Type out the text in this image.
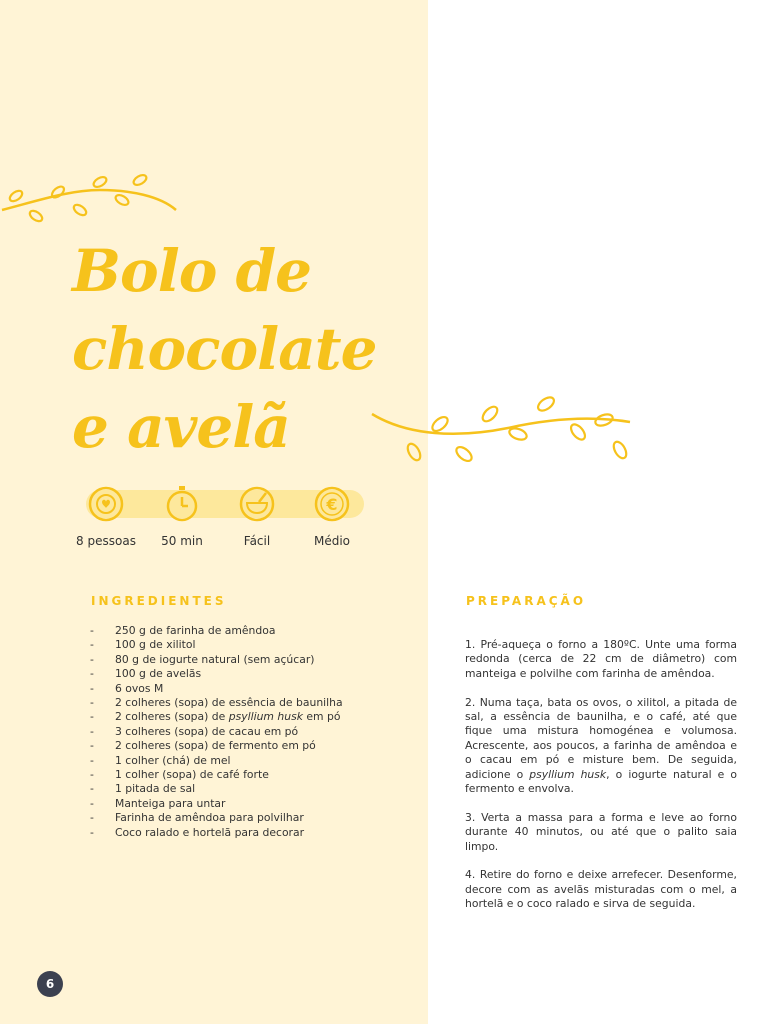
Bolo de
chocolate
e avelã
€
8 pessoas	50 min	Fácil	Médio
INGREDIENTES
- 250 g de farinha de amêndoa
- 100 g de xilitol
- 80 g de iogurte natural (sem açúcar)
- 100 g de avelãs
- 6 ovos M
- 2 colheres (sopa) de essência de baunilha
- 2 colheres (sopa) de psyllium husk em pó
- 3 colheres (sopa) de cacau em pó
- 2 colheres (sopa) de fermento em pó
- 1 colher (chá) de mel
- 1 colher (sopa) de café forte
- 1 pitada de sal
- Manteiga para untar
- Farinha de amêndoa para polvilhar
- Coco ralado e hortelã para decorar
PREPARAÇÃO

1. Pré-aqueça o forno a 180ºC. Unte uma forma redonda (cerca de 22 cm de diâmetro) com manteiga e polvilhe com farinha de amêndoa.

2. Numa taça, bata os ovos, o xilitol, a pitada de sal, a essência de baunilha, e o café, até que fique uma mistura homogénea e volumosa. Acrescente, aos poucos, a farinha de amêndoa e o cacau em pó e misture bem. De seguida, adicione o psyllium husk, o iogurte natural e o fermento e envolva.

3. Verta a massa para a forma e leve ao forno durante 40 minutos, ou até que o palito saia limpo.

4. Retire do forno e deixe arrefecer. Desenforme, decore com as avelãs misturadas com o mel, a hortelã e o coco ralado e sirva de seguida.

6
